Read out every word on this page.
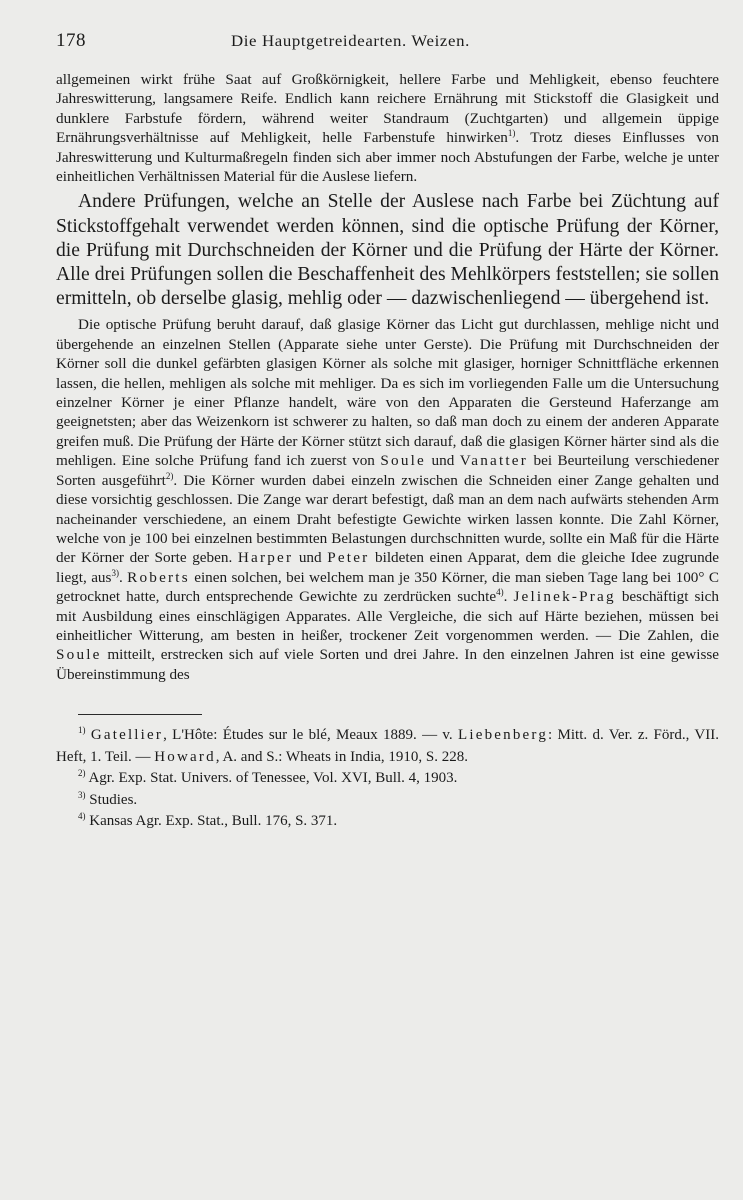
178	Die Hauptgetreidearten. Weizen.

allgemeinen wirkt frühe Saat auf Großkörnigkeit, hellere Farbe und Mehligkeit, ebenso feuchtere Jahreswitterung, langsamere Reife. Endlich kann reichere Ernährung mit Stickstoff die Glasigkeit und dunklere Farbstufe fördern, während weiter Standraum (Zuchtgarten) und allgemein üppige Ernährungsverhältnisse auf Mehligkeit, helle Farbenstufe hinwirken$^{1)}$. Trotz dieses Einflusses von Jahreswitterung und Kulturmaßregeln finden sich aber immer noch Abstufungen der Farbe, welche je unter einheitlichen Verhältnissen Material für die Auslese liefern.

Andere Prüfungen, welche an Stelle der Auslese nach Farbe bei Züchtung auf Stickstoffgehalt verwendet werden können, sind die optische Prüfung der Körner, die Prüfung mit Durchschneiden der Körner und die Prüfung der Härte der Körner. Alle drei Prüfungen sollen die Beschaffenheit des Mehlkörpers feststellen; sie sollen ermitteln, ob derselbe glasig, mehlig oder — dazwischenliegend — übergehend ist.

Die optische Prüfung beruht darauf, daß glasige Körner das Licht gut durchlassen, mehlige nicht und übergehende an einzelnen Stellen (Apparate siehe unter Gerste). Die Prüfung mit Durchschneiden der Körner soll die dunkel gefärbten glasigen Körner als solche mit glasiger, horniger Schnittfläche erkennen lassen, die hellen, mehligen als solche mit mehliger. Da es sich im vorliegenden Falle um die Untersuchung einzelner Körner je einer Pflanze handelt, wäre von den Apparaten die Gersteund Haferzange am geeignetsten; aber das Weizenkorn ist schwerer zu halten, so daß man doch zu einem der anderen Apparate greifen muß. Die Prüfung der Härte der Körner stützt sich darauf, daß die glasigen Körner härter sind als die mehligen. Eine solche Prüfung fand ich zuerst von Soule und Vanatter bei Beurteilung verschiedener Sorten ausgeführt$^{2)}$. Die Körner wurden dabei einzeln zwischen die Schneiden einer Zange gehalten und diese vorsichtig geschlossen. Die Zange war derart befestigt, daß man an dem nach aufwärts stehenden Arm nacheinander verschiedene, an einem Draht befestigte Gewichte wirken lassen konnte. Die Zahl Körner, welche von je 100 bei einzelnen bestimmten Belastungen durchschnitten wurde, sollte ein Maß für die Härte der Körner der Sorte geben. Harper und Peter bildeten einen Apparat, dem die gleiche Idee zugrunde liegt, aus$^{3)}$. Roberts einen solchen, bei welchem man je 350 Körner, die man sieben Tage lang bei 100° C getrocknet hatte, durch entsprechende Gewichte zu zerdrücken suchte$^{4)}$. Jelinek-Prag beschäftigt sich mit Ausbildung eines einschlägigen Apparates. Alle Vergleiche, die sich auf Härte beziehen, müssen bei einheitlicher Witterung, am besten in heißer, trockener Zeit vorgenommen werden. — Die Zahlen, die Soule mitteilt, erstrecken sich auf viele Sorten und drei Jahre. In den einzelnen Jahren ist eine gewisse Übereinstimmung des

$^{1)}$ Gatellier, L'Hôte: Études sur le blé, Meaux 1889. — v. Liebenberg: Mitt. d. Ver. z. Förd., VII. Heft, 1. Teil. — Howard, A. and S.: Wheats in India, 1910, S. 228.

$^{2)}$ Agr. Exp. Stat. Univers. of Tenessee, Vol. XVI, Bull. 4, 1903.

$^{3)}$ Studies.

$^{4)}$ Kansas Agr. Exp. Stat., Bull. 176, S. 371.
